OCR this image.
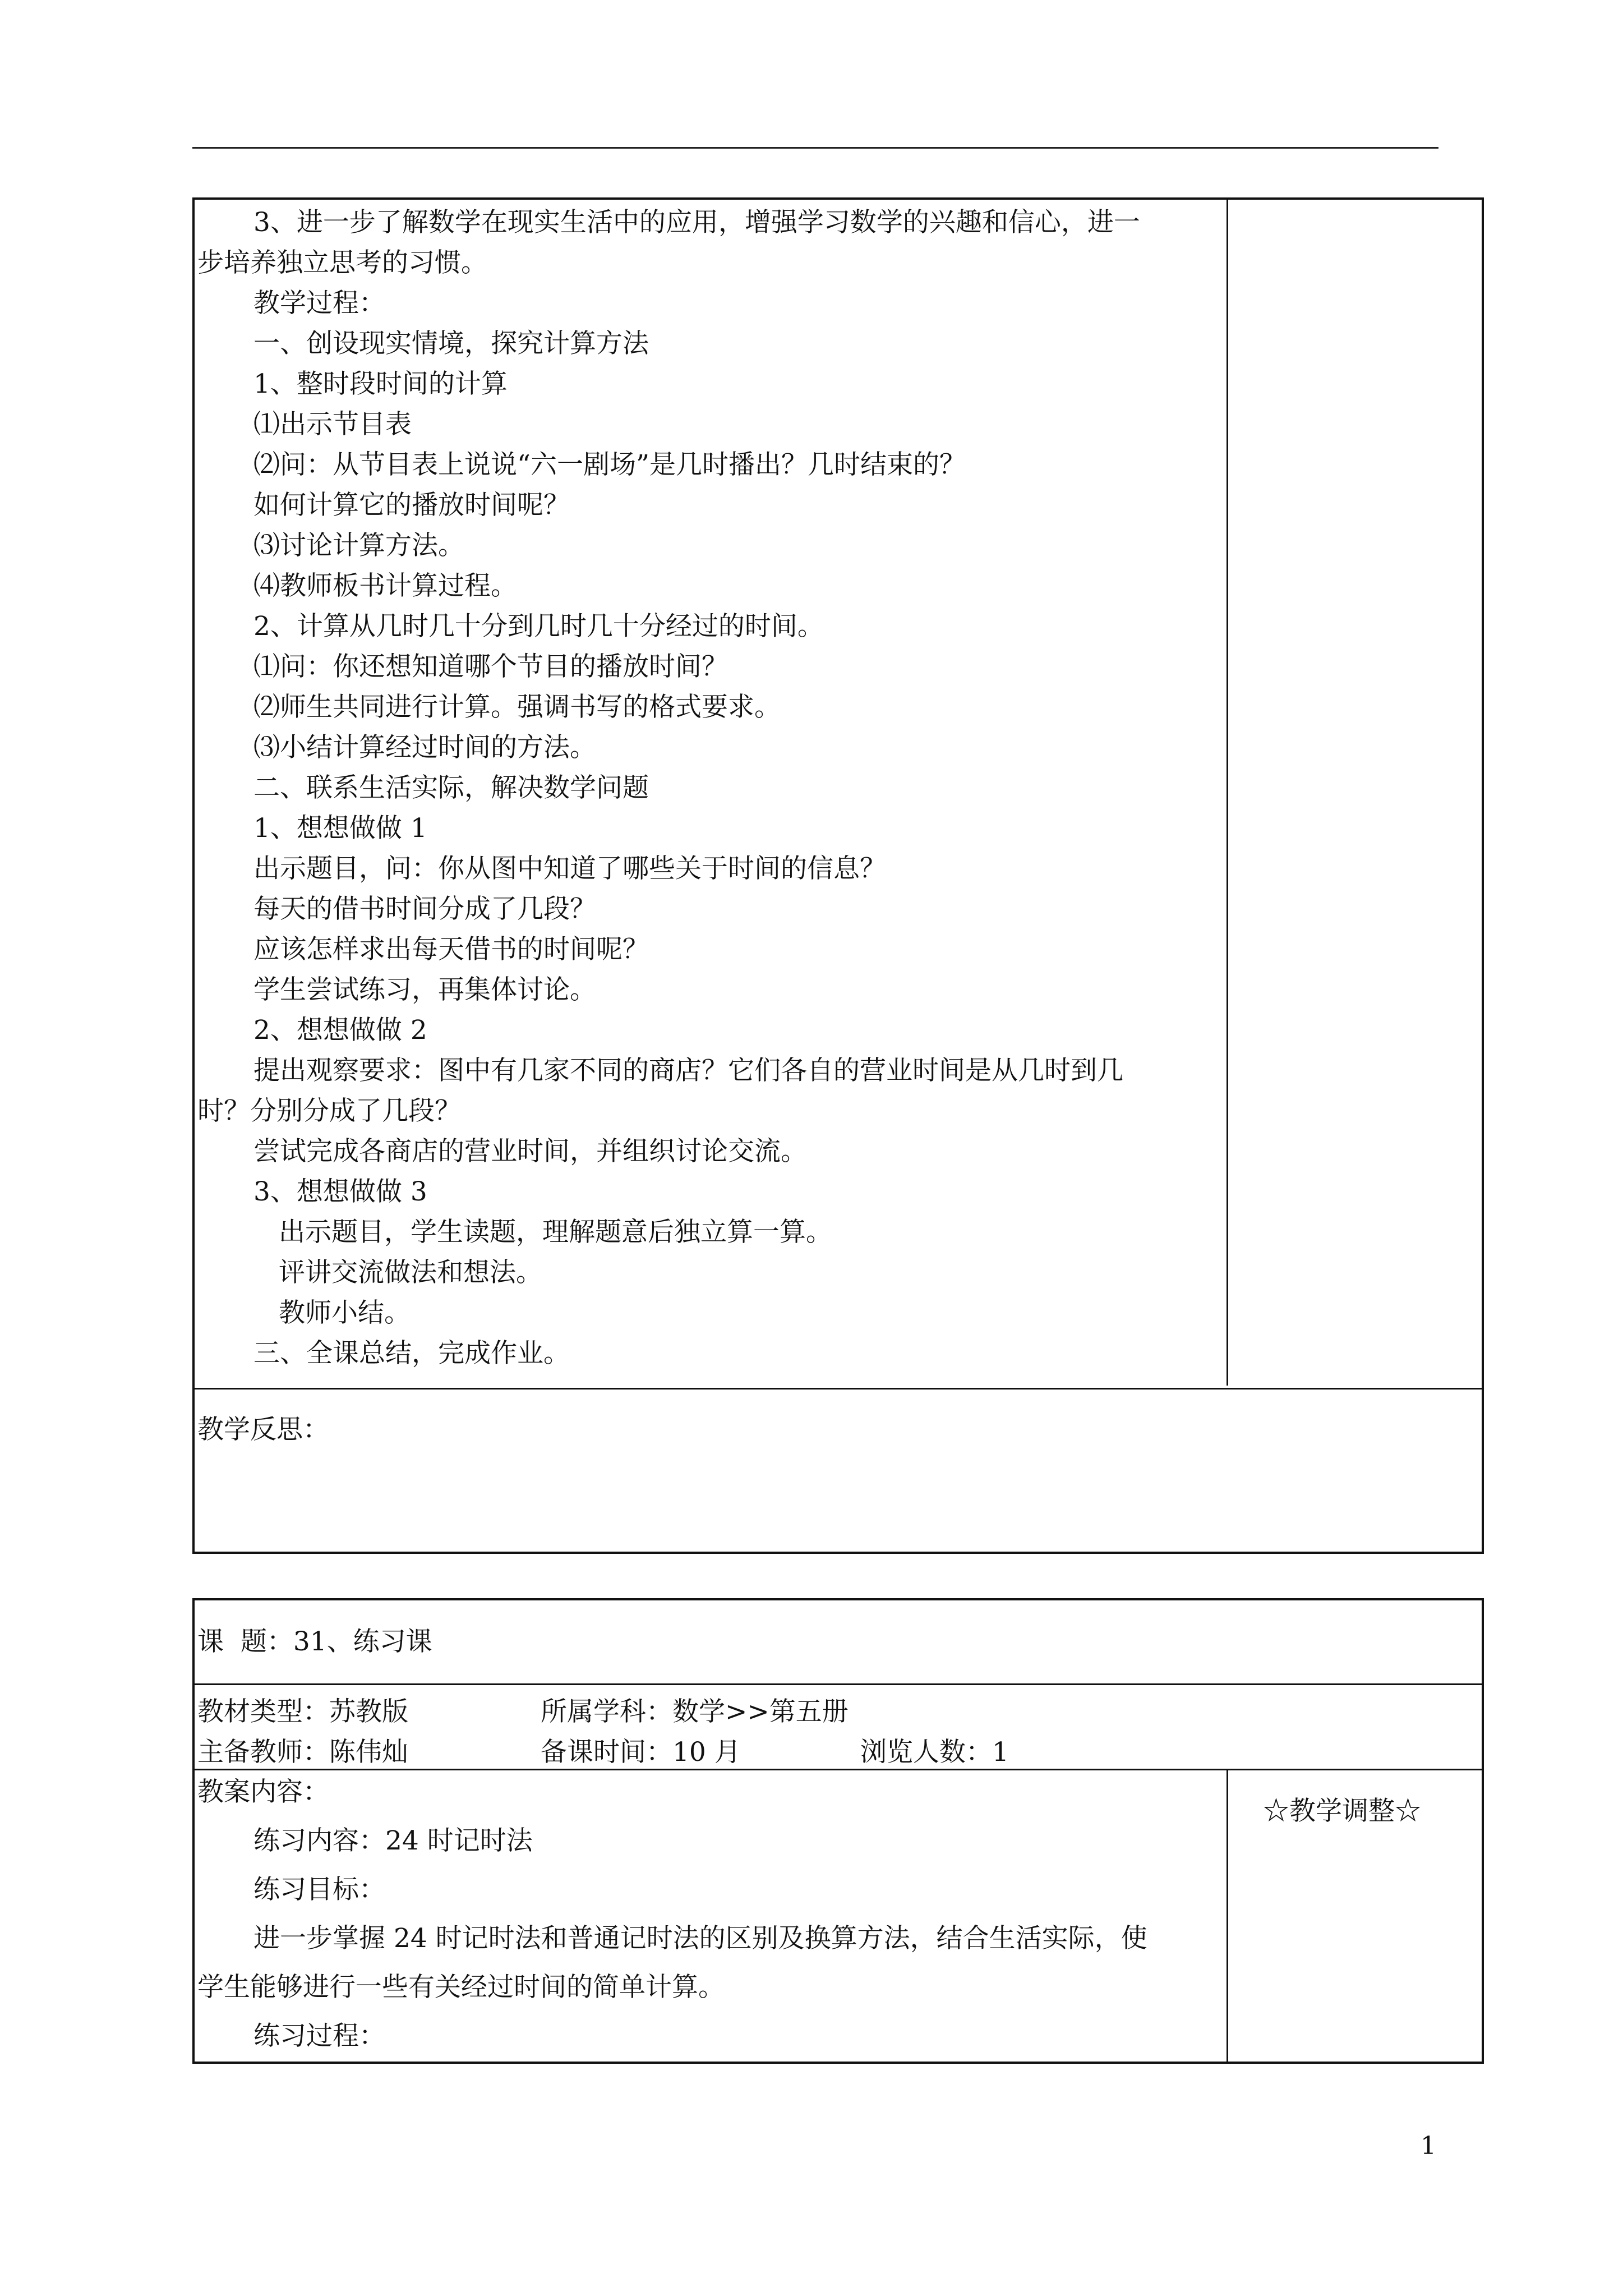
3、进一步了解数学在现实生活中的应用，增强学习数学的兴趣和信心，进一
步培养独立思考的习惯。
教学过程：
一、创设现实情境，探究计算方法
1、整时段时间的计算
⑴出示节目表
⑵问：从节目表上说说“六一剧场”是几时播出？几时结束的？
如何计算它的播放时间呢？
⑶讨论计算方法。
⑷教师板书计算过程。
2、计算从几时几十分到几时几十分经过的时间。
⑴问：你还想知道哪个节目的播放时间？
⑵师生共同进行计算。强调书写的格式要求。
⑶小结计算经过时间的方法。
二、联系生活实际，解决数学问题
1、想想做做 1
出示题目，问：你从图中知道了哪些关于时间的信息？
每天的借书时间分成了几段？
应该怎样求出每天借书的时间呢？
学生尝试练习，再集体讨论。
2、想想做做 2
提出观察要求：图中有几家不同的商店？它们各自的营业时间是从几时到几
时？分别分成了几段？
尝试完成各商店的营业时间，并组织讨论交流。
3、想想做做 3
出示题目，学生读题，理解题意后独立算一算。
评讲交流做法和想法。
教师小结。
三、全课总结，完成作业。
教学反思：
课  题：31、练习课
教材类型：苏教版	所属学科：数学>>第五册
主备教师：陈伟灿	备课时间：10 月	浏览人数：1
教案内容：
☆教学调整☆
练习内容：24 时记时法
练习目标：
进一步掌握 24 时记时法和普通记时法的区别及换算方法，结合生活实际，使
学生能够进行一些有关经过时间的简单计算。
练习过程：
1
